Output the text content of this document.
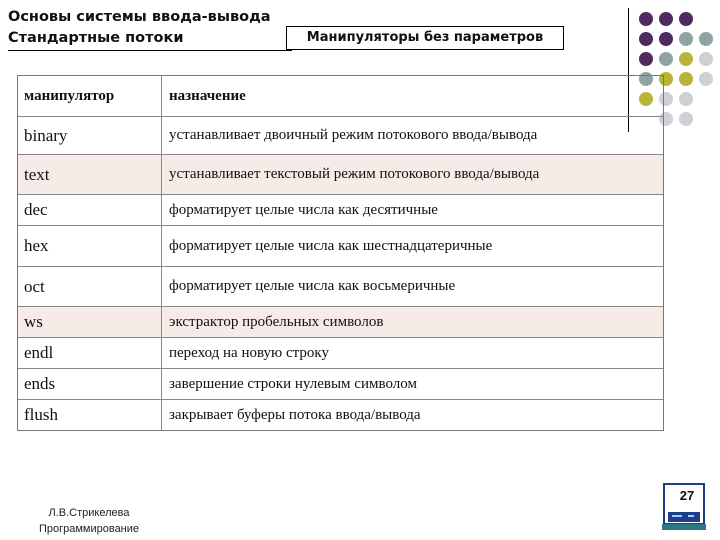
Основы системы ввода-вывода
Стандартные потоки	Манипуляторы без параметров
манипулятор	назначение
binary	устанавливает двоичный режим потокового ввода/вывода
text	устанавливает текстовый режим потокового ввода/вывода
dec	форматирует целые числа как десятичные
hex	форматирует целые числа как шестнадцатеричные
oct	форматирует целые числа как восьмеричные
ws	экстрактор пробельных символов
endl	переход на новую строку
ends	завершение строки нулевым символом
flush	закрывает буферы потока ввода/вывода
Л.В.Стрикелева
Программирование
27
